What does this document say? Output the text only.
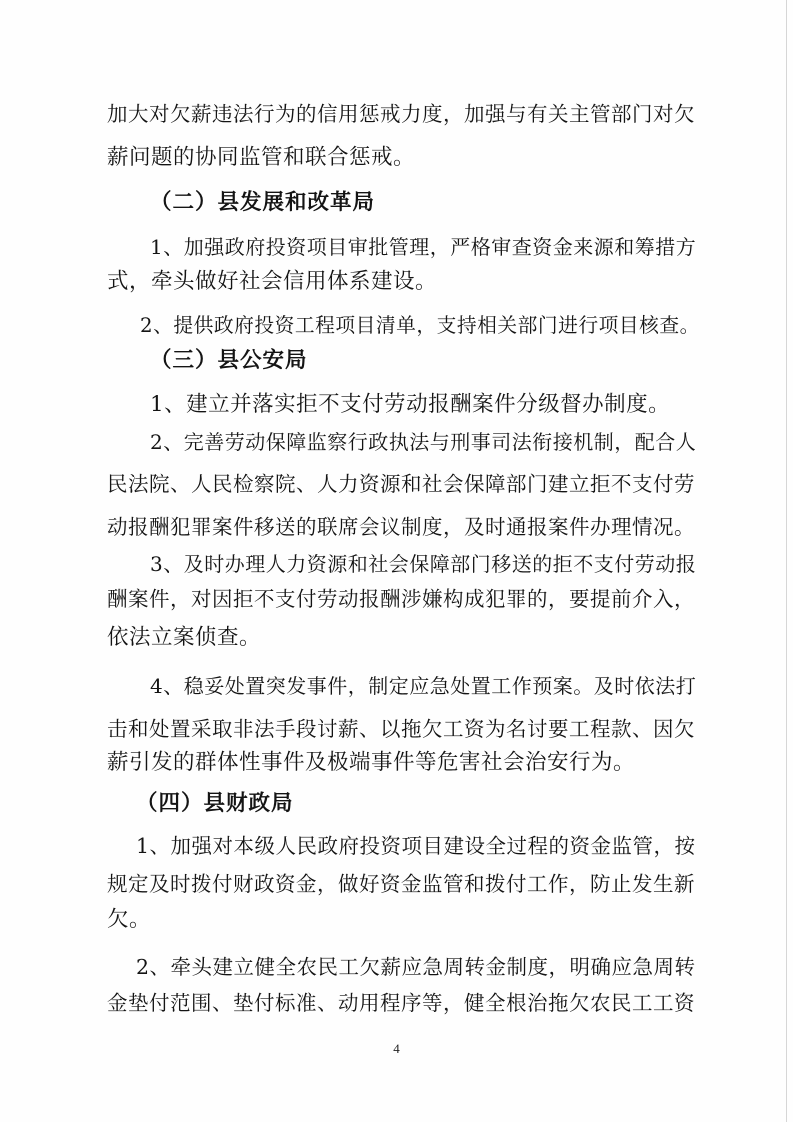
加大对欠薪违法行为的信用惩戒力度，加强与有关主管部门对欠
薪问题的协同监管和联合惩戒。
（二）县发展和改革局
1、加强政府投资项目审批管理，严格审查资金来源和筹措方
式，牵头做好社会信用体系建设。
2、提供政府投资工程项目清单，支持相关部门进行项目核查。
（三）县公安局
1、建立并落实拒不支付劳动报酬案件分级督办制度。
2、完善劳动保障监察行政执法与刑事司法衔接机制，配合人
民法院、人民检察院、人力资源和社会保障部门建立拒不支付劳
动报酬犯罪案件移送的联席会议制度，及时通报案件办理情况。
3、及时办理人力资源和社会保障部门移送的拒不支付劳动报
酬案件，对因拒不支付劳动报酬涉嫌构成犯罪的，要提前介入，
依法立案侦查。
4、稳妥处置突发事件，制定应急处置工作预案。及时依法打
击和处置采取非法手段讨薪、以拖欠工资为名讨要工程款、因欠
薪引发的群体性事件及极端事件等危害社会治安行为。
（四）县财政局
1、加强对本级人民政府投资项目建设全过程的资金监管，按
规定及时拨付财政资金，做好资金监管和拨付工作，防止发生新
欠。
2、牵头建立健全农民工欠薪应急周转金制度，明确应急周转
金垫付范围、垫付标准、动用程序等，健全根治拖欠农民工工资
4
